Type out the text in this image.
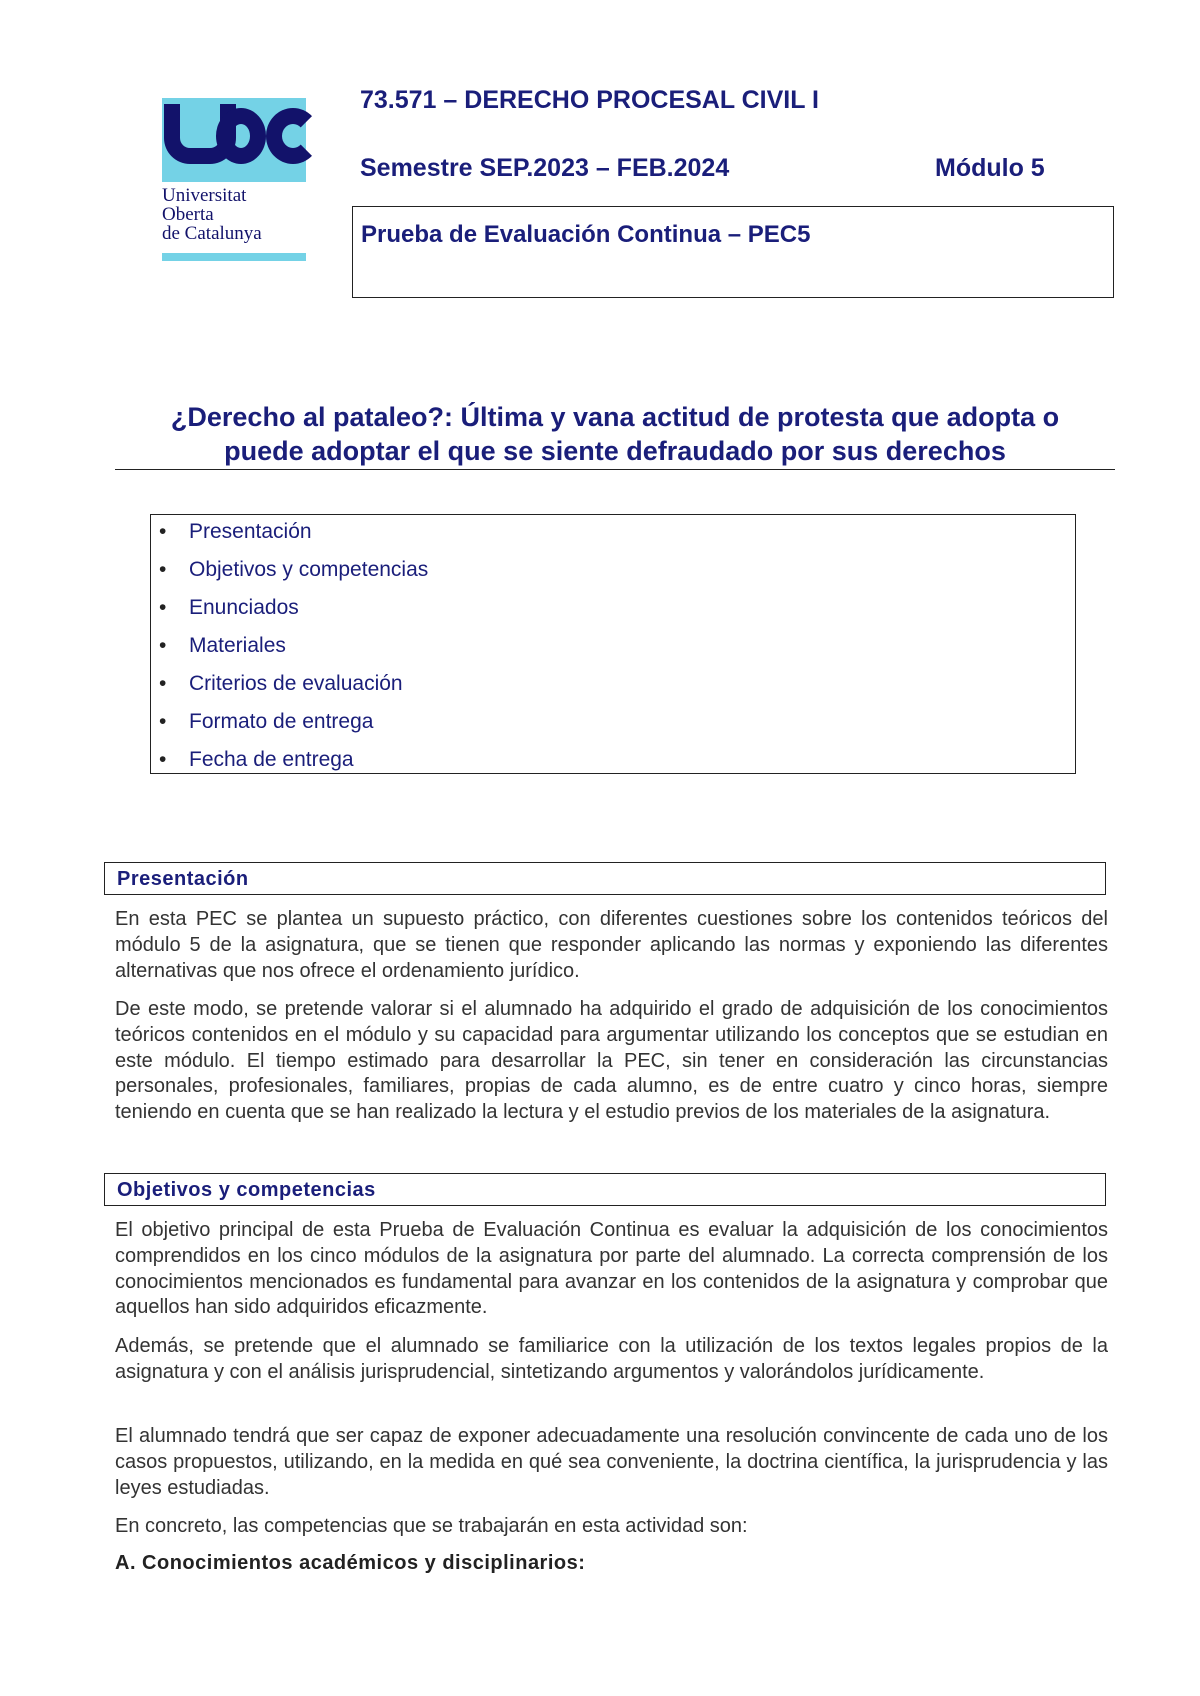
Universitat
Oberta
de Catalunya
73.571 – DERECHO PROCESAL CIVIL I
Semestre SEP.2023 – FEB.2024	Módulo 5
Prueba de Evaluación Continua – PEC5
¿Derecho al pataleo?: Última y vana actitud de protesta que adopta o
puede adoptar el que se siente defraudado por sus derechos
• Presentación
• Objetivos y competencias
• Enunciados
• Materiales
• Criterios de evaluación
• Formato de entrega
• Fecha de entrega
Presentación
En esta PEC se plantea un supuesto práctico, con diferentes cuestiones sobre los contenidos teóricos del módulo 5 de la asignatura, que se tienen que responder aplicando las normas y exponiendo las diferentes alternativas que nos ofrece el ordenamiento jurídico.
De este modo, se pretende valorar si el alumnado ha adquirido el grado de adquisición de los conocimientos teóricos contenidos en el módulo y su capacidad para argumentar utilizando los conceptos que se estudian en este módulo. El tiempo estimado para desarrollar la PEC, sin tener en consideración las circunstancias personales, profesionales, familiares, propias de cada alumno, es de entre cuatro y cinco horas, siempre teniendo en cuenta que se han realizado la lectura y el estudio previos de los materiales de la asignatura.
Objetivos y competencias
El objetivo principal de esta Prueba de Evaluación Continua es evaluar la adquisición de los conocimientos comprendidos en los cinco módulos de la asignatura por parte del alumnado. La correcta comprensión de los conocimientos mencionados es fundamental para avanzar en los contenidos de la asignatura y comprobar que aquellos han sido adquiridos eficazmente.
Además, se pretende que el alumnado se familiarice con la utilización de los textos legales propios de la asignatura y con el análisis jurisprudencial, sintetizando argumentos y valorándolos jurídicamente.
El alumnado tendrá que ser capaz de exponer adecuadamente una resolución convincente de cada uno de los casos propuestos, utilizando, en la medida en qué sea conveniente, la doctrina científica, la jurisprudencia y las leyes estudiadas.
En concreto, las competencias que se trabajarán en esta actividad son:
A. Conocimientos académicos y disciplinarios:
